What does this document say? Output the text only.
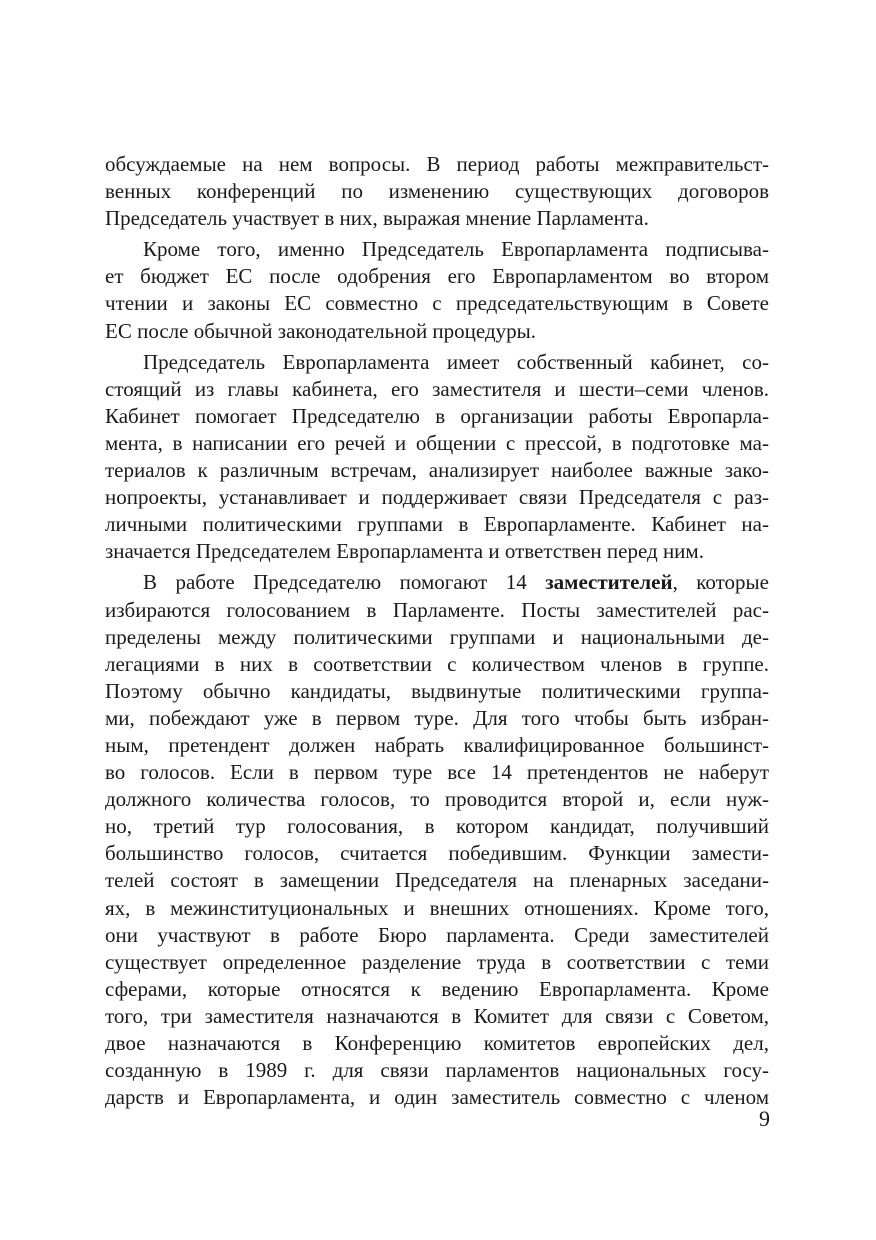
обсуждаемые на нем вопросы. В период работы межправительст-
венных конференций по изменению существующих договоров
Председатель участвует в них, выражая мнение Парламента.
Кроме того, именно Председатель Европарламента подписыва-
ет бюджет ЕС после одобрения его Европарламентом во втором
чтении и законы ЕС совместно с председательствующим в Совете
ЕС после обычной законодательной процедуры.
Председатель Европарламента имеет собственный кабинет, со-
стоящий из главы кабинета, его заместителя и шести–семи членов.
Кабинет помогает Председателю в организации работы Европарла-
мента, в написании его речей и общении с прессой, в подготовке ма-
териалов к различным встречам, анализирует наиболее важные зако-
нопроекты, устанавливает и поддерживает связи Председателя с раз-
личными политическими группами в Европарламенте. Кабинет на-
значается Председателем Европарламента и ответствен перед ним.
В работе Председателю помогают 14 заместителей, которые
избираются голосованием в Парламенте. Посты заместителей рас-
пределены между политическими группами и национальными де-
легациями в них в соответствии с количеством членов в группе.
Поэтому обычно кандидаты, выдвинутые политическими группа-
ми, побеждают уже в первом туре. Для того чтобы быть избран-
ным, претендент должен набрать квалифицированное большинст-
во голосов. Если в первом туре все 14 претендентов не наберут
должного количества голосов, то проводится второй и, если нуж-
но, третий тур голосования, в котором кандидат, получивший
большинство голосов, считается победившим. Функции замести-
телей состоят в замещении Председателя на пленарных заседани-
ях, в межинституциональных и внешних отношениях. Кроме того,
они участвуют в работе Бюро парламента. Среди заместителей
существует определенное разделение труда в соответствии с теми
сферами, которые относятся к ведению Европарламента. Кроме
того, три заместителя назначаются в Комитет для связи с Советом,
двое назначаются в Конференцию комитетов европейских дел,
созданную в 1989 г. для связи парламентов национальных госу-
дарств и Европарламента, и один заместитель совместно с членом
9
